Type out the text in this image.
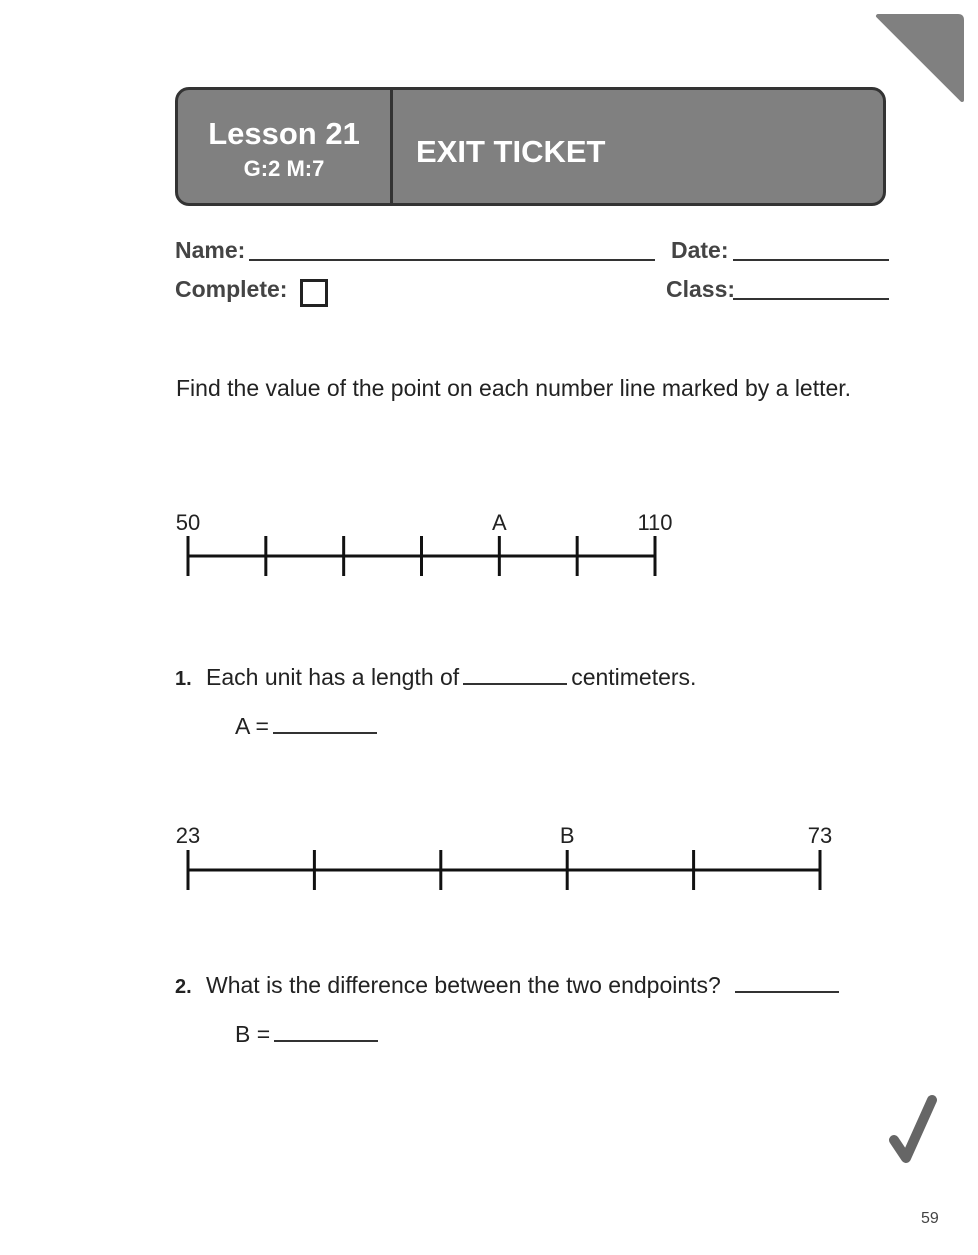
Lesson 21
G:2 M:7	EXIT TICKET
Name:	Date:
Complete:	Class:
Find the value of the point on each number line marked by a letter.
50	A	110
1. Each unit has a length of	centimeters.
A =
23	B	73
2. What is the difference between the two endpoints?
B =
59
